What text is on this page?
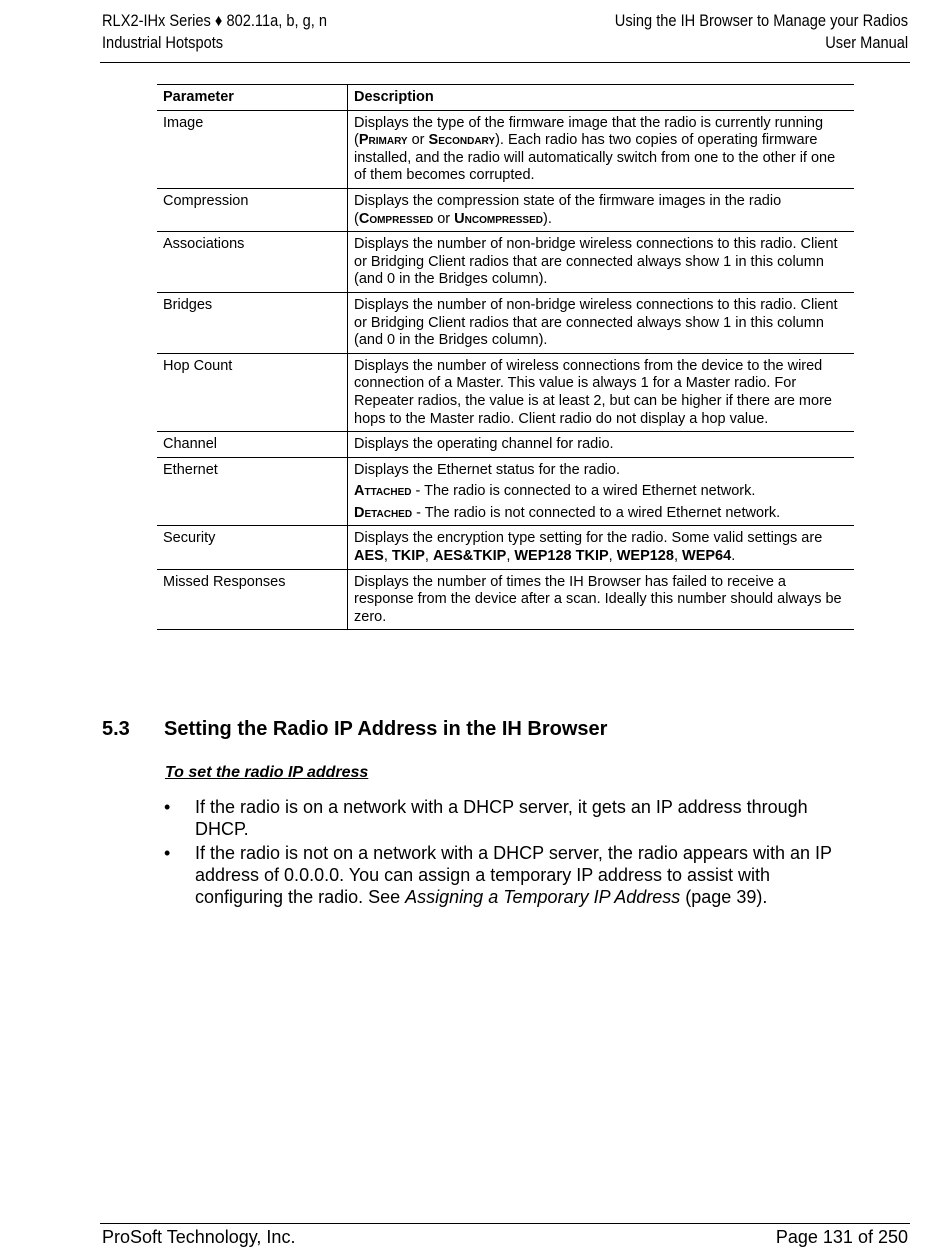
RLX2-IHx Series ♦ 802.11a, b, g, n
Industrial Hotspots
Using the IH Browser to Manage your Radios
User Manual
Parameter	Description
Image	Displays the type of the firmware image that the radio is currently running (Primary or Secondary). Each radio has two copies of operating firmware installed, and the radio will automatically switch from one to the other if one of them becomes corrupted.
Compression	Displays the compression state of the firmware images in the radio (Compressed or Uncompressed).
Associations	Displays the number of non-bridge wireless connections to this radio. Client or Bridging Client radios that are connected always show 1 in this column (and 0 in the Bridges column).
Bridges	Displays the number of non-bridge wireless connections to this radio. Client or Bridging Client radios that are connected always show 1 in this column (and 0 in the Bridges column).
Hop Count	Displays the number of wireless connections from the device to the wired connection of a Master. This value is always 1 for a Master radio. For Repeater radios, the value is at least 2, but can be higher if there are more hops to the Master radio. Client radio do not display a hop value.
Channel	Displays the operating channel for radio.
Ethernet	Displays the Ethernet status for the radio.

Attached - The radio is connected to a wired Ethernet network.

Detached - The radio is not connected to a wired Ethernet network.

Security	Displays the encryption type setting for the radio. Some valid settings are AES, TKIP, AES&TKIP, WEP128 TKIP, WEP128, WEP64.
Missed Responses	Displays the number of times the IH Browser has failed to receive a response from the device after a scan. Ideally this number should always be zero.
5.3 Setting the Radio IP Address in the IH Browser
To set the radio IP address
• If the radio is on a network with a DHCP server, it gets an IP address through DHCP.
• If the radio is not on a network with a DHCP server, the radio appears with an IP address of 0.0.0.0. You can assign a temporary IP address to assist with configuring the radio. See Assigning a Temporary IP Address (page 39).
ProSoft Technology, Inc.	Page 131 of 250
